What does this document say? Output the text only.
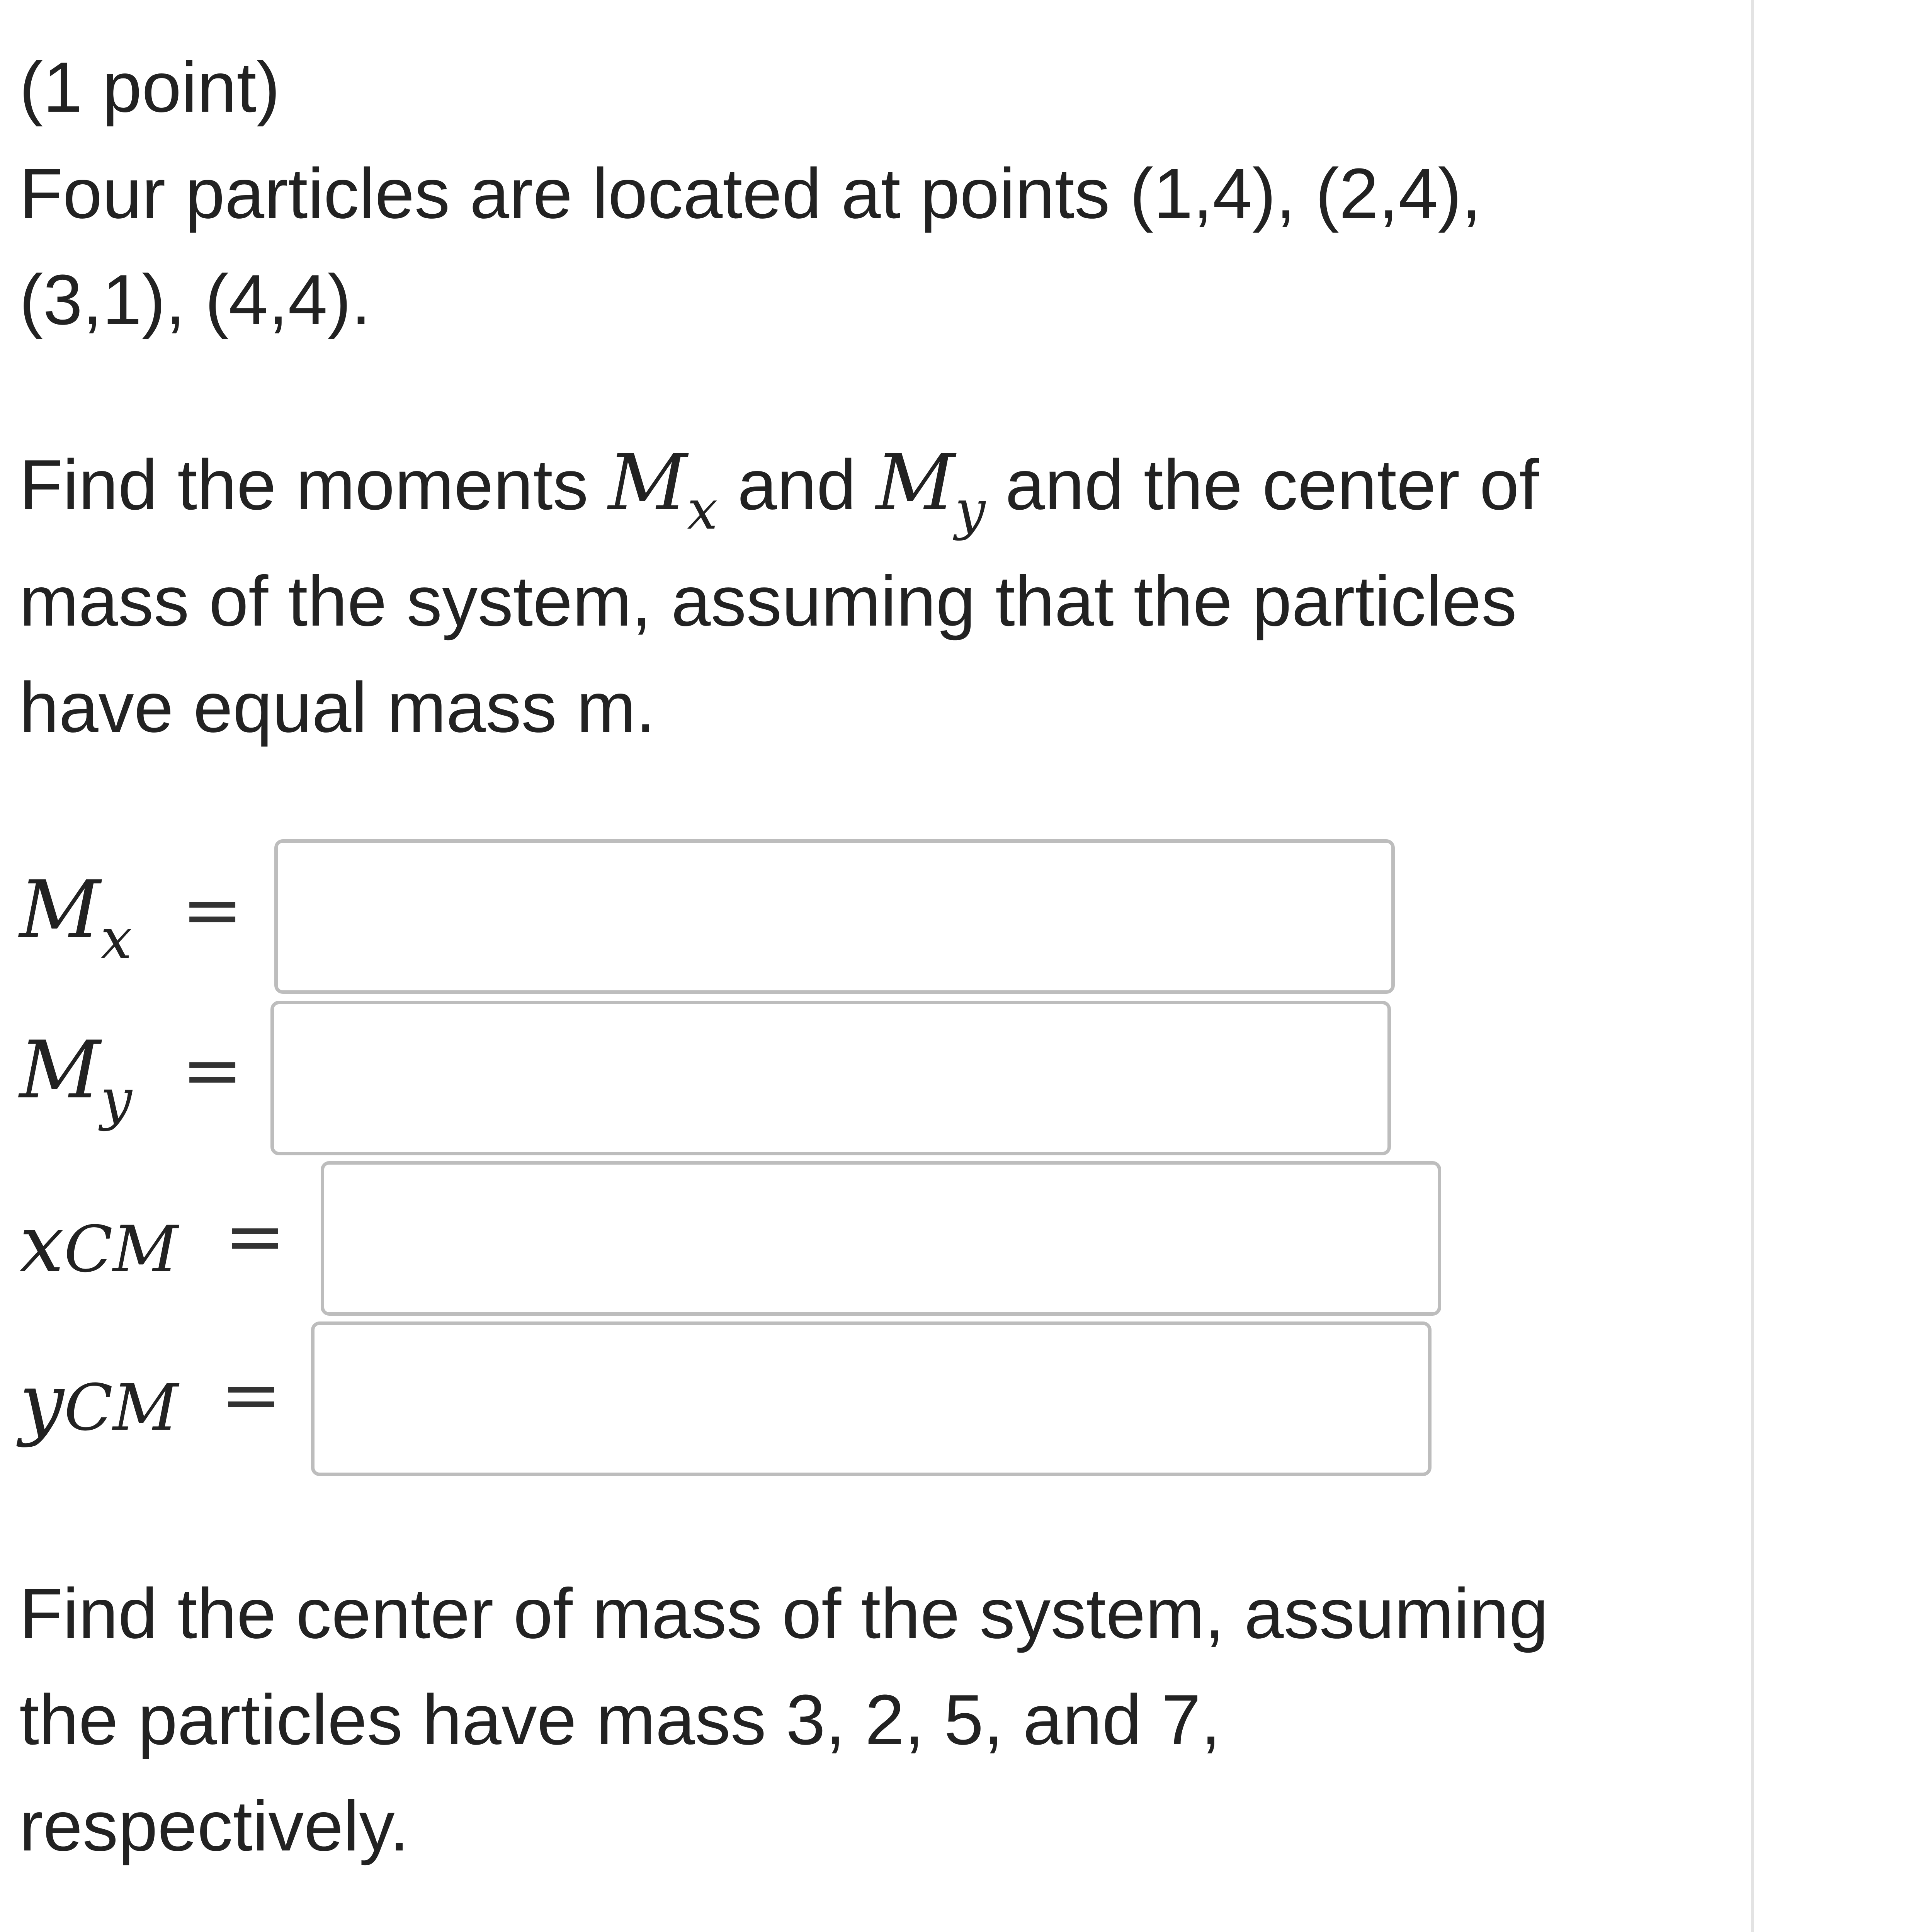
(1 point)
Four particles are located at points (1,4), (2,4),
(3,1), (4,4).
Find the moments $M_x$ and $M_y$ and the center of
mass of the system, assuming that the particles
have equal mass m.
$M_x$ =
$M_y$ =
xCM =
yCM =
Find the center of mass of the system, assuming
the particles have mass 3, 2, 5, and 7,
respectively.
